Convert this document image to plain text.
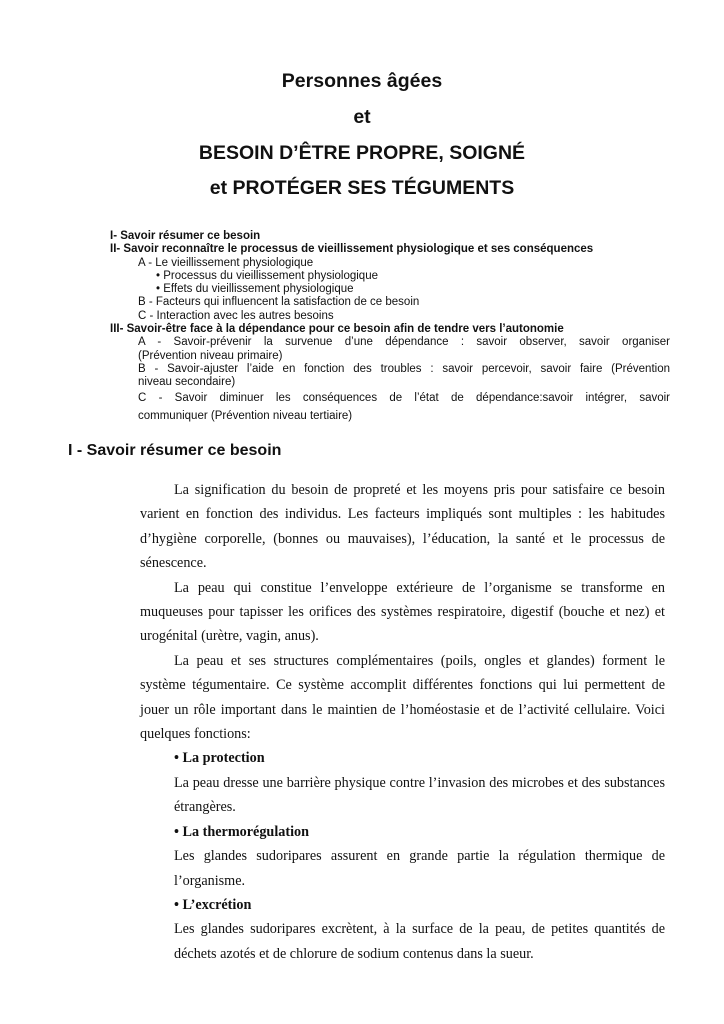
Personnes âgées
et
BESOIN D’ÊTRE PROPRE, SOIGNÉ
et PROTÉGER SES TÉGUMENTS
I- Savoir résumer ce besoin
II- Savoir reconnaître le processus de vieillissement physiologique et ses conséquences
A - Le vieillissement physiologique
• Processus du vieillissement physiologique
• Effets du vieillissement physiologique
B - Facteurs qui influencent la satisfaction de ce besoin
C - Interaction avec les autres besoins
III- Savoir-être face à la dépendance pour ce besoin afin de tendre vers l’autonomie
A - Savoir-prévenir la survenue d’une dépendance : savoir observer, savoir organiser
(Prévention niveau primaire)
B - Savoir-ajuster l’aide en fonction des troubles : savoir percevoir, savoir faire (Prévention
niveau secondaire)
C - Savoir diminuer les conséquences de l’état de dépendance:savoir intégrer, savoir
communiquer (Prévention niveau tertiaire)
I - Savoir résumer ce besoin

La signification du besoin de propreté et les moyens pris pour satisfaire ce besoin varient en fonction des individus. Les facteurs impliqués sont multiples : les habitudes d’hygiène corporelle, (bonnes ou mauvaises), l’éducation, la santé et le processus de sénescence.

La peau qui constitue l’enveloppe extérieure de l’organisme se transforme en muqueuses pour tapisser les orifices des systèmes respiratoire, digestif (bouche et nez) et urogénital (urètre, vagin, anus).

La peau et ses structures complémentaires (poils, ongles et glandes) forment le système tégumentaire. Ce système accomplit différentes fonctions qui lui permettent de jouer un rôle important dans le maintien de l’homéostasie et de l’activité cellulaire. Voici quelques fonctions:

• La protection

La peau dresse une barrière physique contre l’invasion des microbes et des substances étrangères.

• La thermorégulation

Les glandes sudoripares assurent en grande partie la régulation thermique de l’organisme.

• L’excrétion

Les glandes sudoripares excrètent, à la surface de la peau, de petites quantités de déchets azotés et de chlorure de sodium contenus dans la sueur.
